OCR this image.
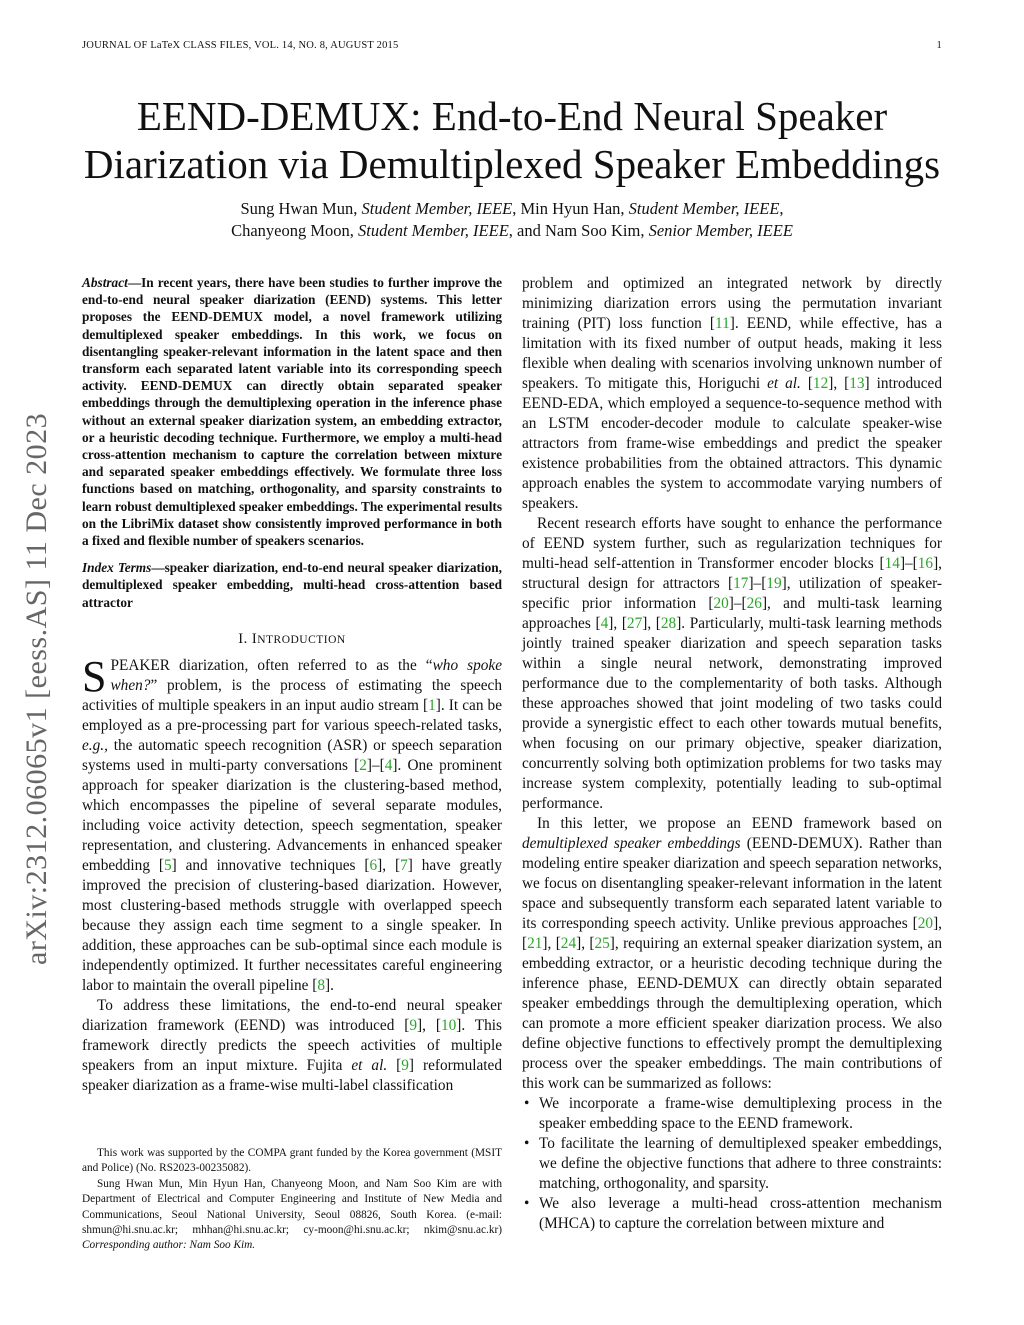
JOURNAL OF LaTeX CLASS FILES, VOL. 14, NO. 8, AUGUST 2015	1
EEND-DEMUX: End-to-End Neural Speaker
Diarization via Demultiplexed Speaker Embeddings
Sung Hwan Mun, Student Member, IEEE, Min Hyun Han, Student Member, IEEE,
Chanyeong Moon, Student Member, IEEE, and Nam Soo Kim, Senior Member, IEEE
arXiv:2312.06065v1 [eess.AS] 11 Dec 2023

Abstract—In recent years, there have been studies to further improve the end-to-end neural speaker diarization (EEND) systems. This letter proposes the EEND-DEMUX model, a novel framework utilizing demultiplexed speaker embeddings. In this work, we focus on disentangling speaker-relevant information in the latent space and then transform each separated latent variable into its corresponding speech activity. EEND-DEMUX can directly obtain separated speaker embeddings through the demultiplexing operation in the inference phase without an external speaker diarization system, an embedding extractor, or a heuristic decoding technique. Furthermore, we employ a multi-head cross-attention mechanism to capture the correlation between mixture and separated speaker embeddings effectively. We formulate three loss functions based on matching, orthogonality, and sparsity constraints to learn robust demultiplexed speaker embeddings. The experimental results on the LibriMix dataset show consistently improved performance in both a fixed and flexible number of speakers scenarios.

Index Terms—speaker diarization, end-to-end neural speaker diarization, demultiplexed speaker embedding, multi-head cross-attention based attractor

I. INTRODUCTION

SPEAKER diarization, often referred to as the “who spoke when?” problem, is the process of estimating the speech activities of multiple speakers in an input audio stream [1]. It can be employed as a pre-processing part for various speech-related tasks, e.g., the automatic speech recognition (ASR) or speech separation systems used in multi-party conversations [2]–[4]. One prominent approach for speaker diarization is the clustering-based method, which encompasses the pipeline of several separate modules, including voice activity detection, speech segmentation, speaker representation, and clustering. Advancements in enhanced speaker embedding [5] and innovative techniques [6], [7] have greatly improved the precision of clustering-based diarization. However, most clustering-based methods struggle with overlapped speech because they assign each time segment to a single speaker. In addition, these approaches can be sub-optimal since each module is independently optimized. It further necessitates careful engineering labor to maintain the overall pipeline [8].

To address these limitations, the end-to-end neural speaker diarization framework (EEND) was introduced [9], [10]. This framework directly predicts the speech activities of multiple speakers from an input mixture. Fujita et al. [9] reformulated speaker diarization as a frame-wise multi-label classification

This work was supported by the COMPA grant funded by the Korea government (MSIT and Police) (No. RS2023-00235082).

Sung Hwan Mun, Min Hyun Han, Chanyeong Moon, and Nam Soo Kim are with Department of Electrical and Computer Engineering and Institute of New Media and Communications, Seoul National University, Seoul 08826, South Korea. (e-mail: shmun@hi.snu.ac.kr; mhhan@hi.snu.ac.kr; cy-moon@hi.snu.ac.kr; nkim@snu.ac.kr) Corresponding author: Nam Soo Kim.

problem and optimized an integrated network by directly minimizing diarization errors using the permutation invariant training (PIT) loss function [11]. EEND, while effective, has a limitation with its fixed number of output heads, making it less flexible when dealing with scenarios involving unknown number of speakers. To mitigate this, Horiguchi et al. [12], [13] introduced EEND-EDA, which employed a sequence-to-sequence method with an LSTM encoder-decoder module to calculate speaker-wise attractors from frame-wise embeddings and predict the speaker existence probabilities from the obtained attractors. This dynamic approach enables the system to accommodate varying numbers of speakers.

Recent research efforts have sought to enhance the performance of EEND system further, such as regularization techniques for multi-head self-attention in Transformer encoder blocks [14]–[16], structural design for attractors [17]–[19], utilization of speaker-specific prior information [20]–[26], and multi-task learning approaches [4], [27], [28]. Particularly, multi-task learning methods jointly trained speaker diarization and speech separation tasks within a single neural network, demonstrating improved performance due to the complementarity of both tasks. Although these approaches showed that joint modeling of two tasks could provide a synergistic effect to each other towards mutual benefits, when focusing on our primary objective, speaker diarization, concurrently solving both optimization problems for two tasks may increase system complexity, potentially leading to sub-optimal performance.

In this letter, we propose an EEND framework based on demultiplexed speaker embeddings (EEND-DEMUX). Rather than modeling entire speaker diarization and speech separation networks, we focus on disentangling speaker-relevant information in the latent space and subsequently transform each separated latent variable to its corresponding speech activity. Unlike previous approaches [20], [21], [24], [25], requiring an external speaker diarization system, an embedding extractor, or a heuristic decoding technique during the inference phase, EEND-DEMUX can directly obtain separated speaker embeddings through the demultiplexing operation, which can promote a more efficient speaker diarization process. We also define objective functions to effectively prompt the demultiplexing process over the speaker embeddings. The main contributions of this work can be summarized as follows:

• We incorporate a frame-wise demultiplexing process in the speaker embedding space to the EEND framework.
• To facilitate the learning of demultiplexed speaker embeddings, we define the objective functions that adhere to three constraints: matching, orthogonality, and sparsity.
• We also leverage a multi-head cross-attention mechanism (MHCA) to capture the correlation between mixture and
